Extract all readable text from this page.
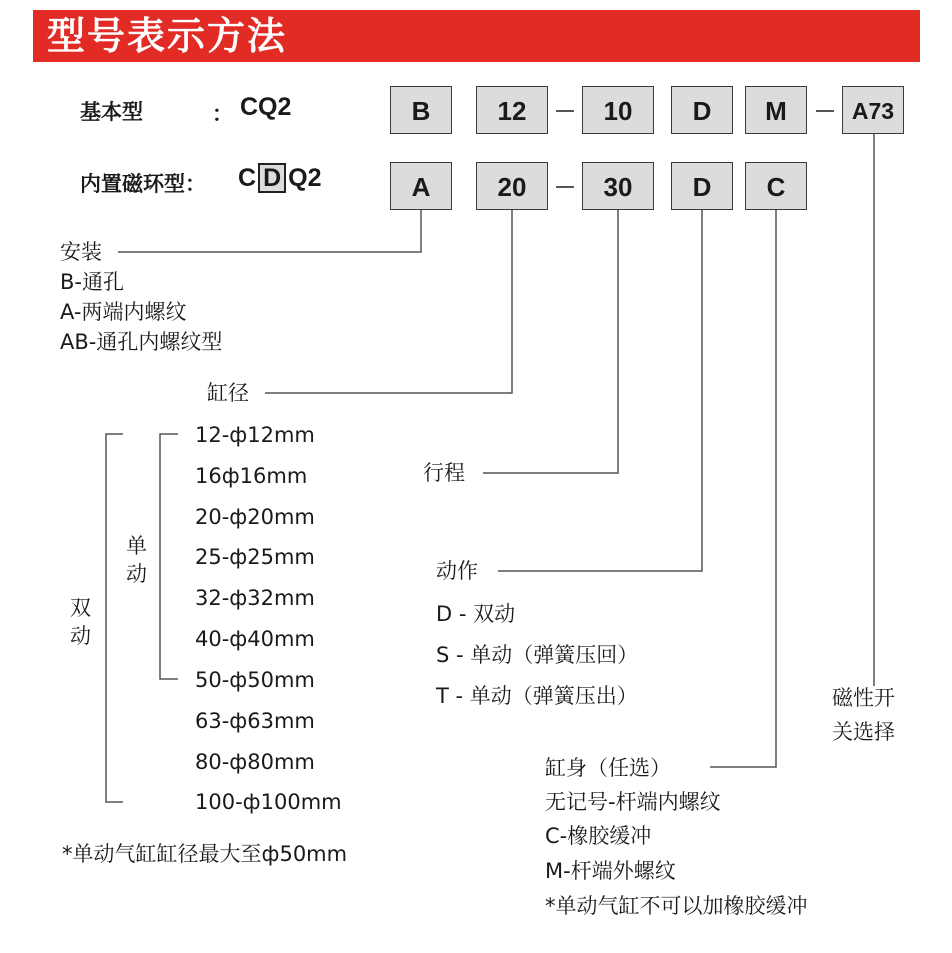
型号表示方法
基本型	： CQ2
内置磁环型： C D Q2
B	12	10	D	M	A73
A	20	30	D	C
安装
B-通孔
A-两端内螺纹
AB-通孔内螺纹型
缸径
12-ф12mm
16ф16mm
20-ф20mm
25-ф25mm
32-ф32mm
40-ф40mm
50-ф50mm
63-ф63mm
80-ф80mm
100-ф100mm
单
动
双
动
*单动气缸缸径最大至ф50mm
行程
动作
D - 双动
S - 单动（弹簧压回）
T - 单动（弹簧压出）	磁性开
关选择
缸身（任选）
无记号-杆端内螺纹
C-橡胶缓冲
M-杆端外螺纹
*单动气缸不可以加橡胶缓冲
